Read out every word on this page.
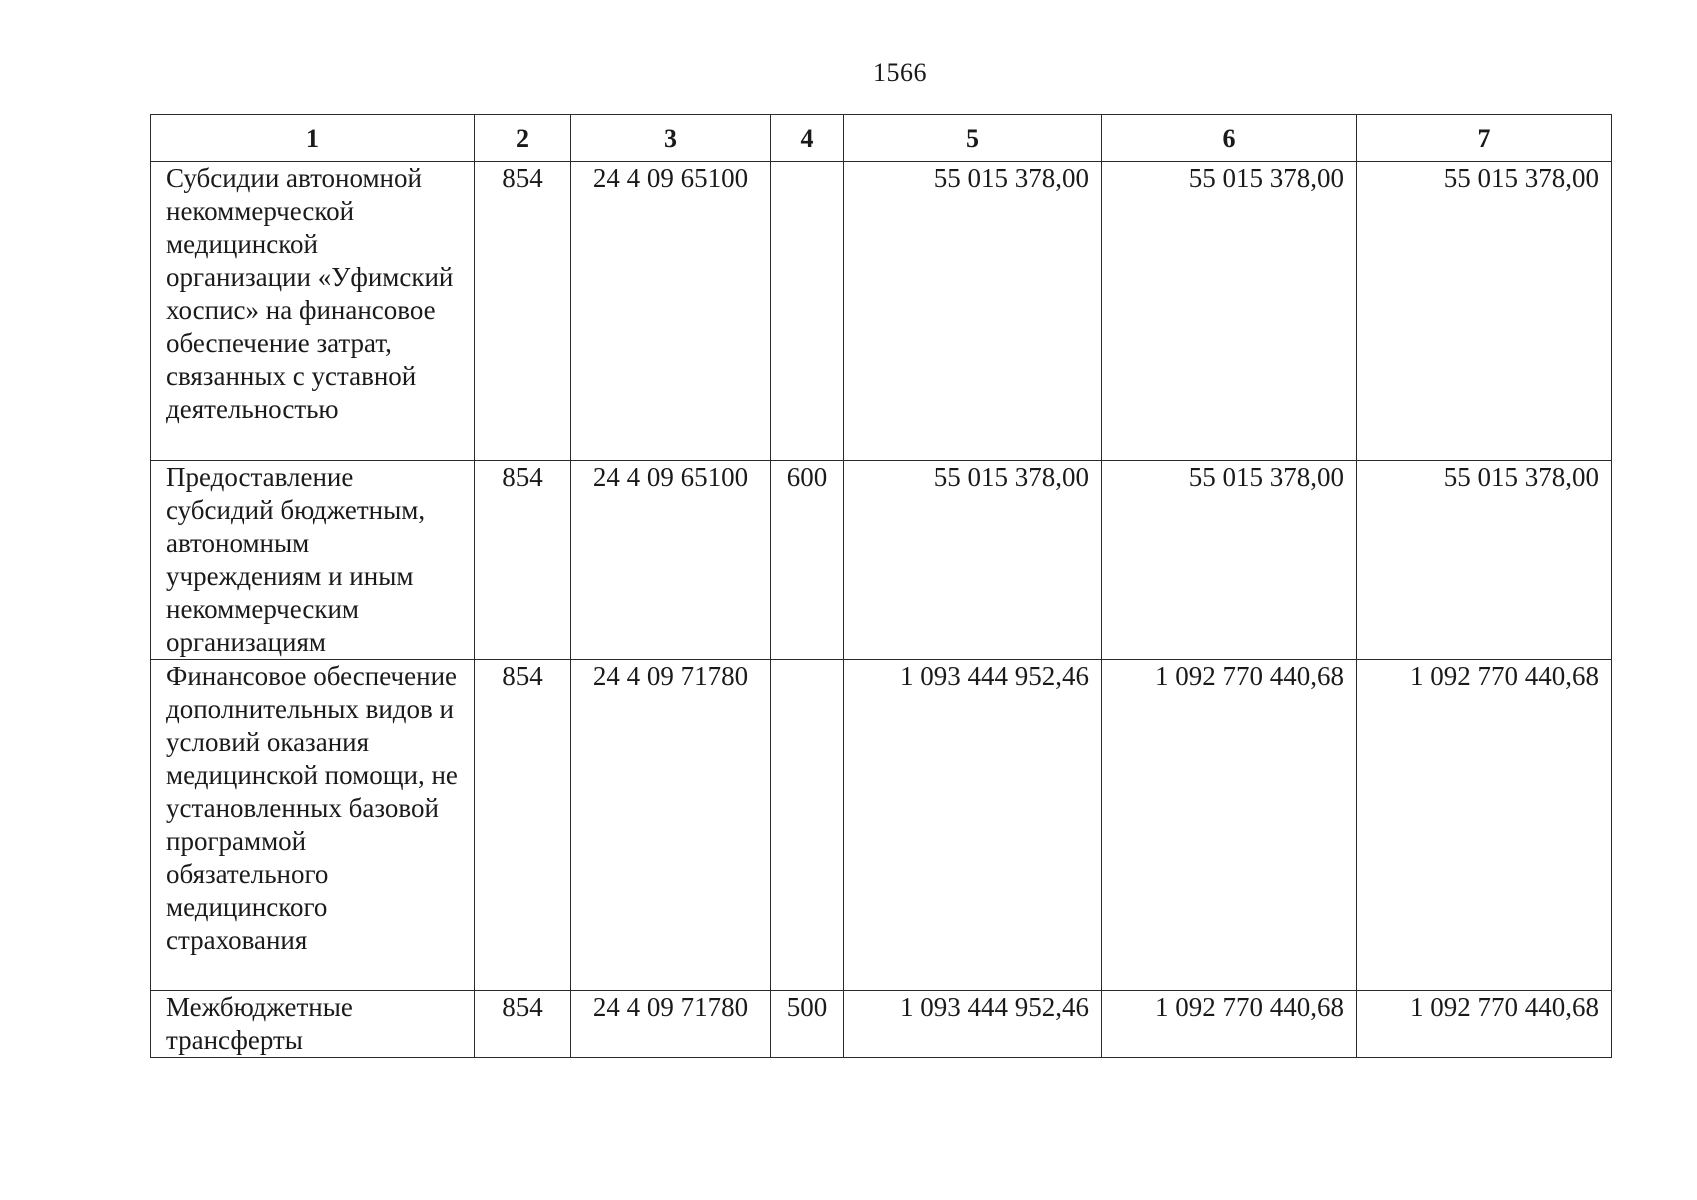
1566
1	2	3	4	5	6	7
Субсидии автономной некоммерческой медицинской организации «Уфимский хоспис» на финансовое обеспечение затрат, связанных с уставной деятельностью	854	24 4 09 65100		55 015 378,00	55 015 378,00	55 015 378,00
Предоставление субсидий бюджетным, автономным учреждениям и иным некоммерческим организациям	854	24 4 09 65100	600	55 015 378,00	55 015 378,00	55 015 378,00
Финансовое обеспечение дополнительных видов и условий оказания медицинской помощи, не установленных базовой программой обязательного медицинского страхования	854	24 4 09 71780		1 093 444 952,46	1 092 770 440,68	1 092 770 440,68
Межбюджетные трансферты	854	24 4 09 71780	500	1 093 444 952,46	1 092 770 440,68	1 092 770 440,68
